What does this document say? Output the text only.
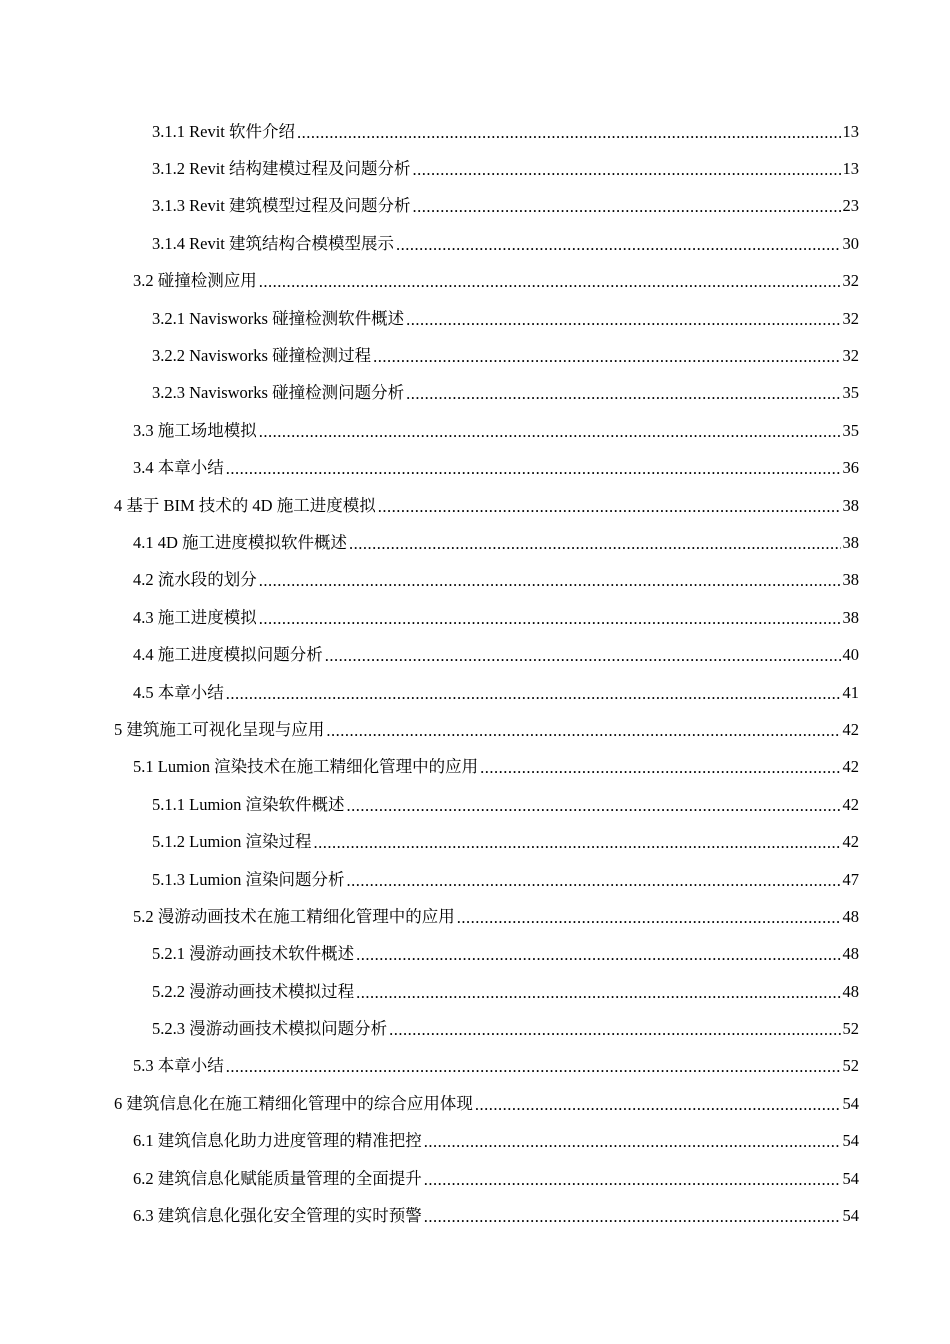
3.1.1 Revit 软件介绍 .....	13
3.1.2 Revit 结构建模过程及问题分析 .....	13
3.1.3 Revit 建筑模型过程及问题分析 .....	23
3.1.4 Revit 建筑结构合模模型展示 .....	30
3.2 碰撞检测应用 .....	32
3.2.1 Navisworks 碰撞检测软件概述 .....	32
3.2.2 Navisworks 碰撞检测过程 .....	32
3.2.3 Navisworks 碰撞检测问题分析 .....	35
3.3 施工场地模拟 .....	35
3.4 本章小结 .....	36
4 基于 BIM 技术的 4D 施工进度模拟 .....	38
4.1 4D 施工进度模拟软件概述 .....	38
4.2 流水段的划分 .....	38
4.3 施工进度模拟 .....	38
4.4 施工进度模拟问题分析 .....	40
4.5 本章小结 .....	41
5 建筑施工可视化呈现与应用 .....	42
5.1 Lumion 渲染技术在施工精细化管理中的应用 .....	42
5.1.1 Lumion 渲染软件概述 .....	42
5.1.2 Lumion 渲染过程 .....	42
5.1.3 Lumion 渲染问题分析 .....	47
5.2 漫游动画技术在施工精细化管理中的应用 .....	48
5.2.1 漫游动画技术软件概述 .....	48
5.2.2 漫游动画技术模拟过程 .....	48
5.2.3 漫游动画技术模拟问题分析 .....	52
5.3 本章小结 .....	52
6 建筑信息化在施工精细化管理中的综合应用体现 .....	54
6.1 建筑信息化助力进度管理的精准把控 .....	54
6.2 建筑信息化赋能质量管理的全面提升 .....	54
6.3 建筑信息化强化安全管理的实时预警 .....	54
